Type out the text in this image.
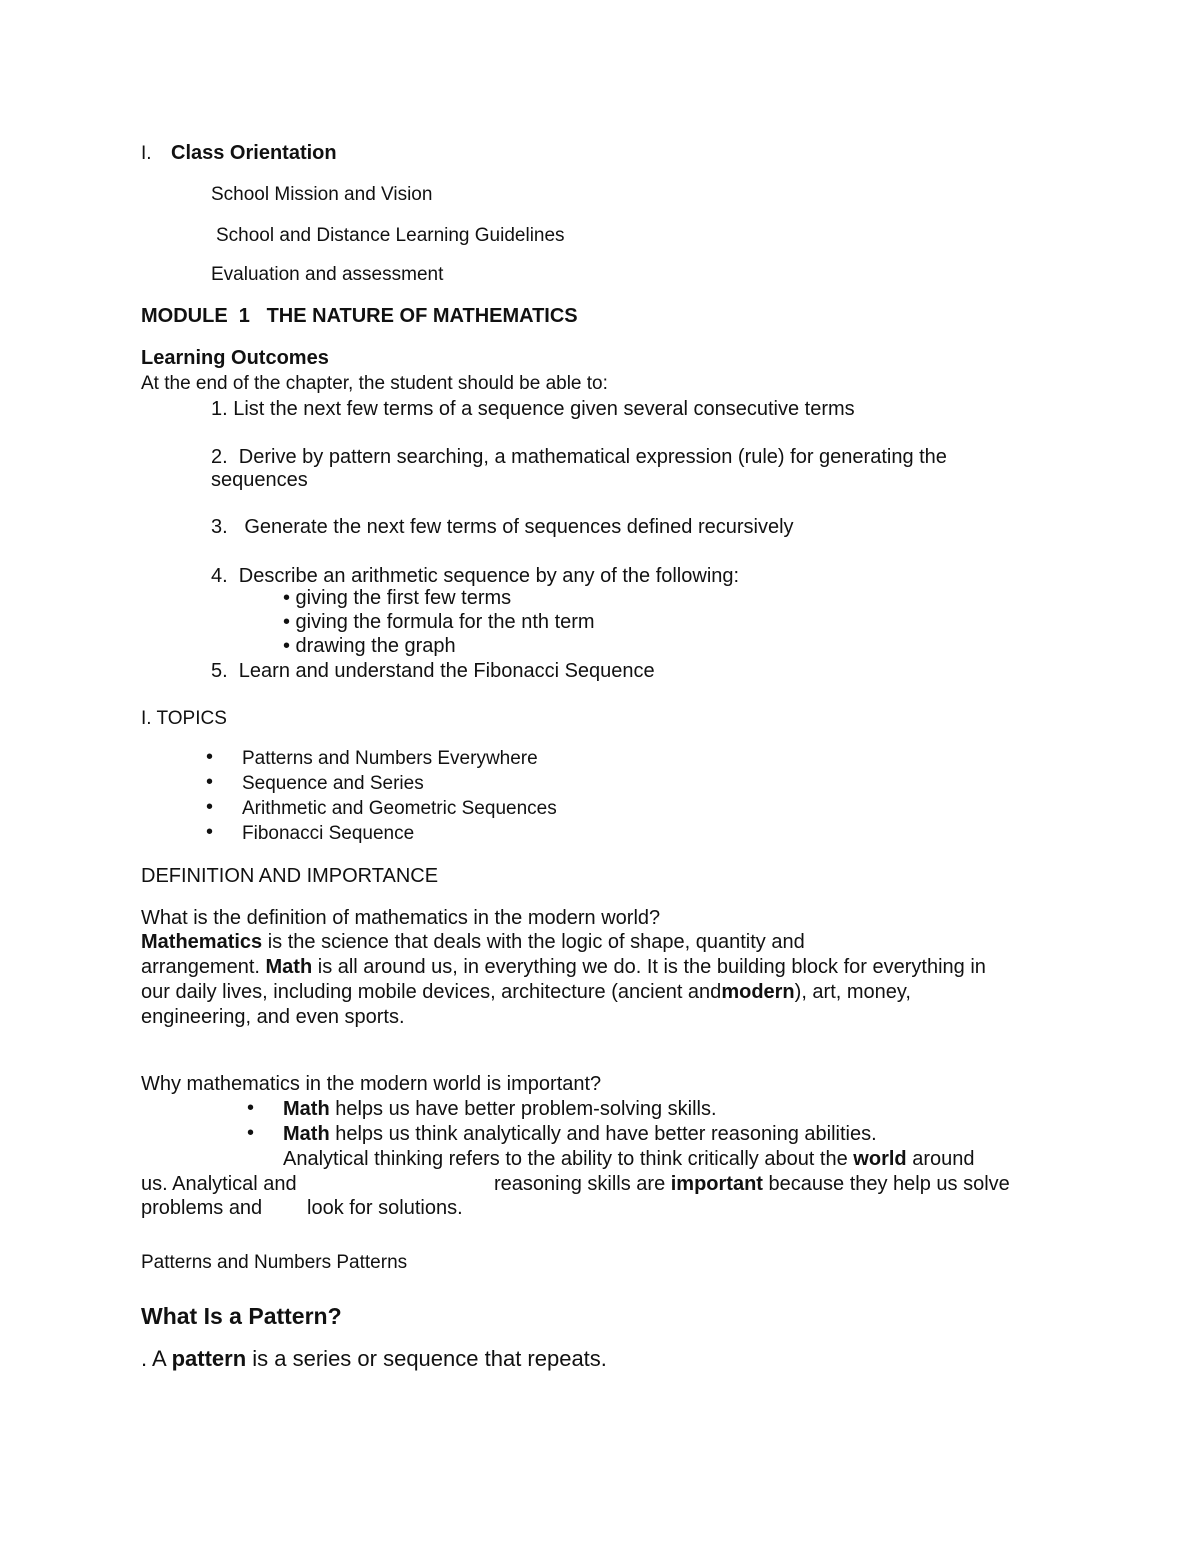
I. Class Orientation
School Mission and Vision
School and Distance Learning Guidelines
Evaluation and assessment
MODULE  1   THE NATURE OF MATHEMATICS
Learning Outcomes
At the end of the chapter, the student should be able to:
1. List the next few terms of a sequence given several consecutive terms
2.  Derive by pattern searching, a mathematical expression (rule) for generating the
sequences
3.   Generate the next few terms of sequences defined recursively
4.  Describe an arithmetic sequence by any of the following:
• giving the first few terms
• giving the formula for the nth term
• drawing the graph
5.  Learn and understand the Fibonacci Sequence
I. TOPICS
• Patterns and Numbers Everywhere
• Sequence and Series
• Arithmetic and Geometric Sequences
• Fibonacci Sequence
DEFINITION AND IMPORTANCE
What is the definition of mathematics in the modern world?
Mathematics is the science that deals with the logic of shape, quantity and
arrangement. Math is all around us, in everything we do. It is the building block for everything in
our daily lives, including mobile devices, architecture (ancient andmodern), art, money,
engineering, and even sports.
Why mathematics in the modern world is important?
• Math helps us have better problem-solving skills.
• Math helps us think analytically and have better reasoning abilities.
Analytical thinking refers to the ability to think critically about the world around
us. Analytical and	reasoning skills are important because they help us solve
problems and look for solutions.
Patterns and Numbers Patterns
What Is a Pattern?
. A pattern is a series or sequence that repeats.
